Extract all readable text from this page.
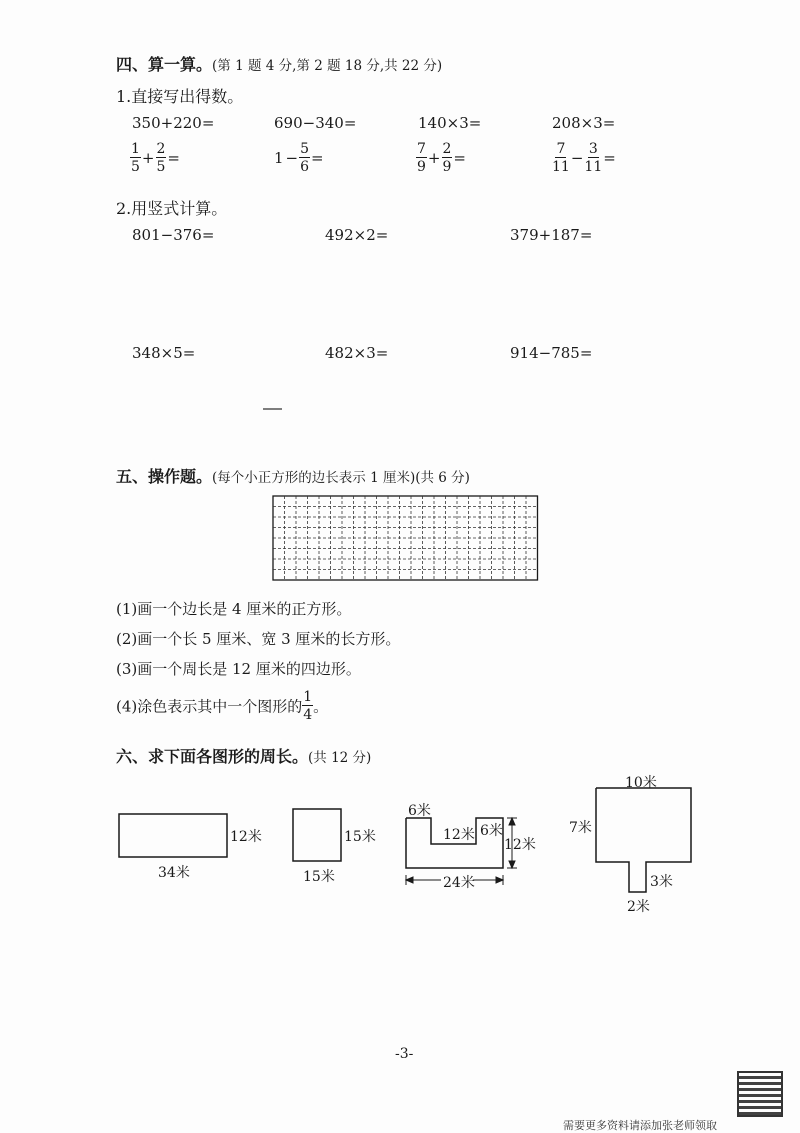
四、算一算。(第 1 题 4 分,第 2 题 18 分,共 22 分)
1.直接写出得数。
350+220=	690−340=	140×3=	208×3=
$\frac{1}{5} + \frac{2}{5}$ =	$1 - \frac{5}{6}$ =	$\frac{7}{9} + \frac{2}{9}$ =	$\frac{7}{11} - \frac{3}{11}$ =
2.用竖式计算。
801−376=	492×2=	379+187=
348×5=	482×3=	914−785=
五、操作题。(每个小正方形的边长表示 1 厘米)(共 6 分)
(1)画一个边长是 4 厘米的正方形。
(2)画一个长 5 厘米、宽 3 厘米的长方形。
(3)画一个周长是 12 厘米的四边形。
(4)涂色表示其中一个图形的 $\frac{1}{4}$ 。
六、求下面各图形的周长。(共 12 分)
12米
34米
15米
15米
6米
12米 6米
12米
24米
10米
7米
3米
2米
-3-
需要更多资料请添加张老师领取
